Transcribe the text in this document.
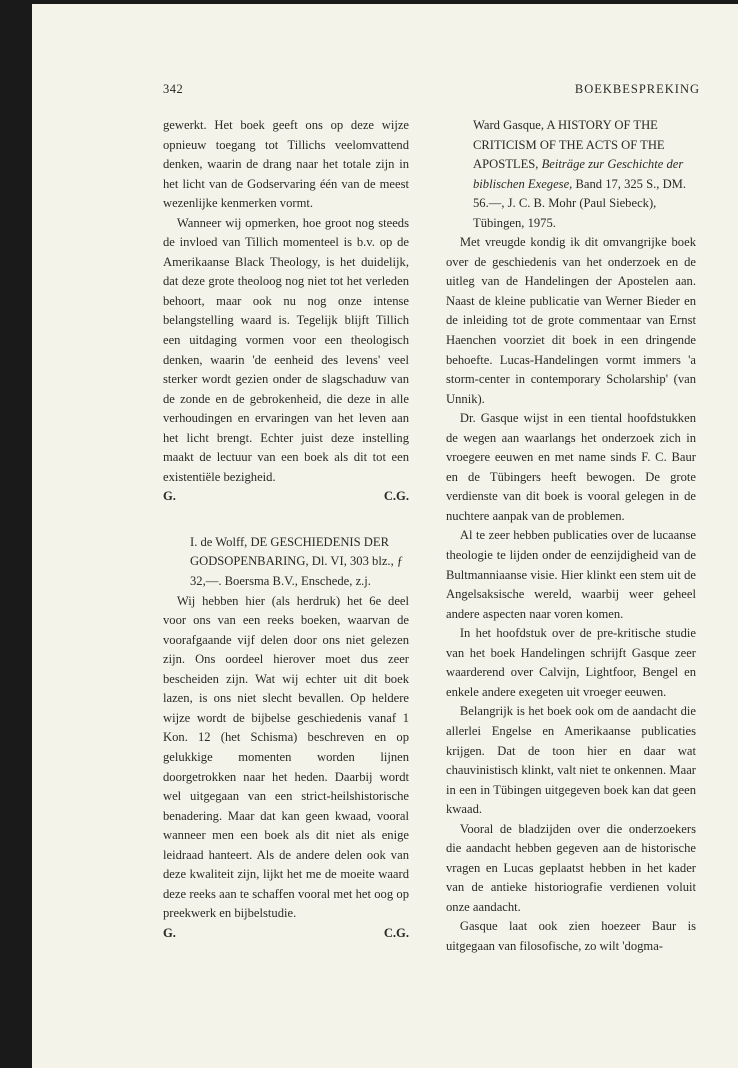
342	BOEKBESPREKING

gewerkt. Het boek geeft ons op deze wijze opnieuw toegang tot Tillichs veelomvattend denken, waarin de drang naar het totale zijn in het licht van de Godservaring één van de meest wezenlijke kenmerken vormt.

Wanneer wij opmerken, hoe groot nog steeds de invloed van Tillich momenteel is b.v. op de Amerikaanse Black Theology, is het duidelijk, dat deze grote theoloog nog niet tot het verleden behoort, maar ook nu nog onze intense belangstelling waard is. Tegelijk blijft Tillich een uitdaging vormen voor een theologisch denken, waarin 'de eenheid des levens' veel sterker wordt gezien onder de slagschaduw van de zonde en de gebrokenheid, die deze in alle verhoudingen en ervaringen van het leven aan het licht brengt. Echter juist deze instelling maakt de lectuur van een boek als dit tot een existentiële bezigheid.

G.	C.G.

I. de Wolff, DE GESCHIEDENIS DER GODSOPENBARING, Dl. VI, 303 blz., ƒ 32,—. Boersma B.V., Enschede, z.j.

Wij hebben hier (als herdruk) het 6e deel voor ons van een reeks boeken, waarvan de voorafgaande vijf delen door ons niet gelezen zijn. Ons oordeel hierover moet dus zeer bescheiden zijn. Wat wij echter uit dit boek lazen, is ons niet slecht bevallen. Op heldere wijze wordt de bijbelse geschiedenis vanaf 1 Kon. 12 (het Schisma) beschreven en op gelukkige momenten worden lijnen doorgetrokken naar het heden. Daarbij wordt wel uitgegaan van een strict-heilshistorische benadering. Maar dat kan geen kwaad, vooral wanneer men een boek als dit niet als enige leidraad hanteert. Als de andere delen ook van deze kwaliteit zijn, lijkt het me de moeite waard deze reeks aan te schaffen vooral met het oog op preekwerk en bijbelstudie.

G.	C.G.

Ward Gasque, A HISTORY OF THE CRITICISM OF THE ACTS OF THE APOSTLES, Beiträge zur Geschichte der biblischen Exegese, Band 17, 325 S., DM. 56.—, J. C. B. Mohr (Paul Siebeck), Tübingen, 1975.

Met vreugde kondig ik dit omvangrijke boek over de geschiedenis van het onderzoek en de uitleg van de Handelingen der Apostelen aan. Naast de kleine publicatie van Werner Bieder en de inleiding tot de grote commentaar van Ernst Haenchen voorziet dit boek in een dringende behoefte. Lucas-Handelingen vormt immers 'a storm-center in contemporary Scholarship' (van Unnik).

Dr. Gasque wijst in een tiental hoofdstukken de wegen aan waarlangs het onderzoek zich in vroegere eeuwen en met name sinds F. C. Baur en de Tübingers heeft bewogen. De grote verdienste van dit boek is vooral gelegen in de nuchtere aanpak van de problemen.

Al te zeer hebben publicaties over de lucaanse theologie te lijden onder de eenzijdigheid van de Bultmanniaanse visie. Hier klinkt een stem uit de Angelsaksische wereld, waarbij weer geheel andere aspecten naar voren komen.

In het hoofdstuk over de pre-kritische studie van het boek Handelingen schrijft Gasque zeer waarderend over Calvijn, Lightfoor, Bengel en enkele andere exegeten uit vroeger eeuwen.

Belangrijk is het boek ook om de aandacht die allerlei Engelse en Amerikaanse publicaties krijgen. Dat de toon hier en daar wat chauvinistisch klinkt, valt niet te onkennen. Maar in een in Tübingen uitgegeven boek kan dat geen kwaad.

Vooral de bladzijden over die onderzoekers die aandacht hebben gegeven aan de historische vragen en Lucas geplaatst hebben in het kader van de antieke historiografie verdienen voluit onze aandacht.

Gasque laat ook zien hoezeer Baur is uitgegaan van filosofische, zo wilt 'dogma-
